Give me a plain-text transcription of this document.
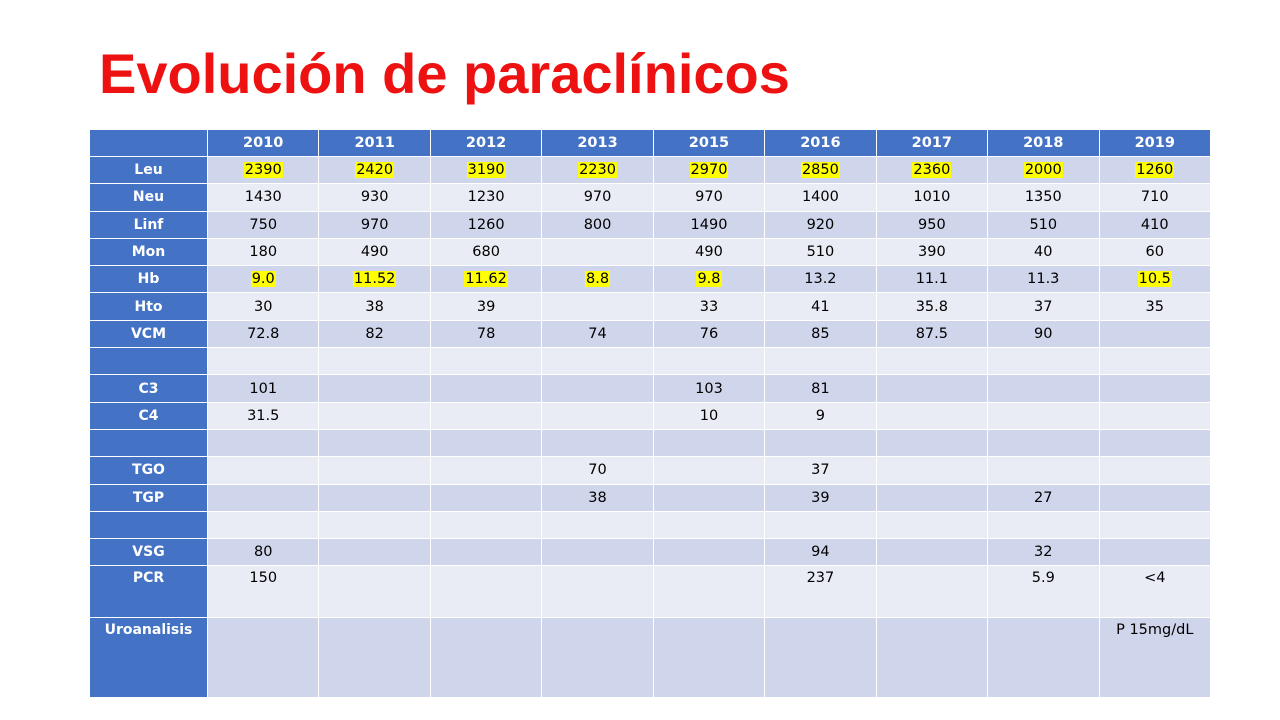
Evolución de paraclínicos
	2010	2011	2012	2013	2015	2016	2017	2018	2019
Leu	2390	2420	3190	2230	2970	2850	2360	2000	1260
Neu	1430	930	1230	970	970	1400	1010	1350	710
Linf	750	970	1260	800	1490	920	950	510	410
Mon	180	490	680		490	510	390	40	60
Hb	9.0	11.52	11.62	8.8	9.8	13.2	11.1	11.3	10.5
Hto	30	38	39		33	41	35.8	37	35
VCM	72.8	82	78	74	76	85	87.5	90	

C3	101				103	81			
C4	31.5				10	9			

TGO				70		37			
TGP				38		39		27	

VSG	80					94		32	
PCR	150					237		5.9	<4
Uroanalisis									P 15mg/dL
